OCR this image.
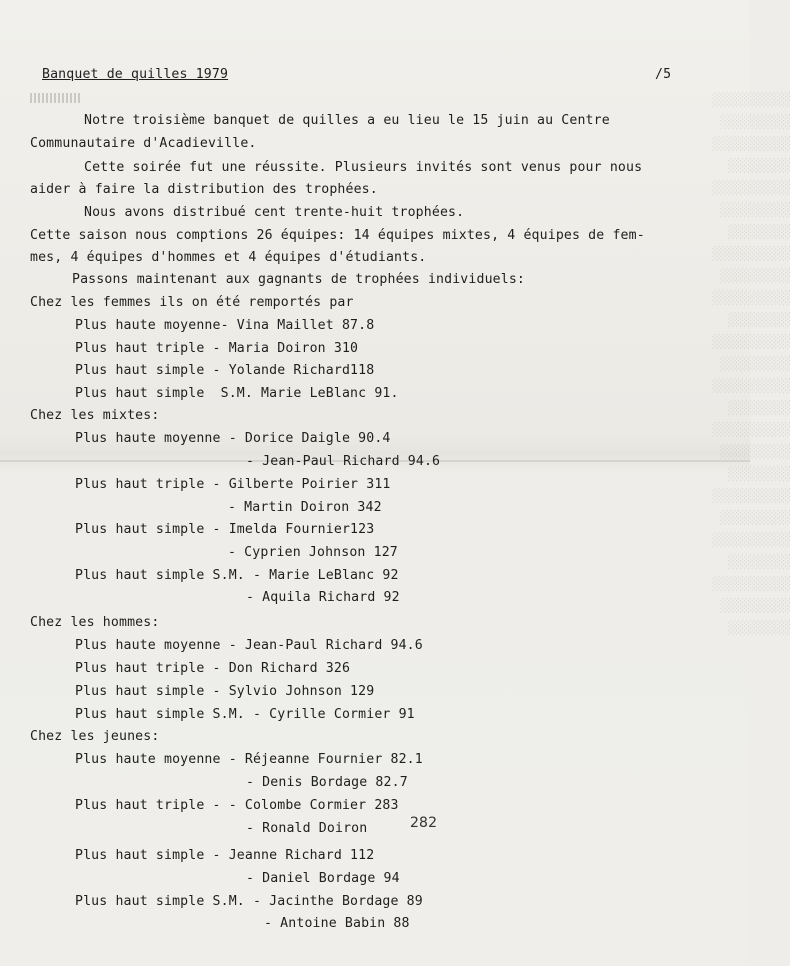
░░░░░░░░░░
░░░░░░░░░
░░░░░░░░░░
░░░░░░░░
░░░░░░░░░░
░░░░░░░░░
░░░░░░░░
░░░░░░░░░░
░░░░░░░░░
░░░░░░░░░░
░░░░░░░░
░░░░░░░░░░
░░░░░░░░░
░░░░░░░░░░
░░░░░░░░
░░░░░░░░░░
░░░░░░░░░
░░░░░░░░
░░░░░░░░░░
░░░░░░░░░
░░░░░░░░░░
░░░░░░░░
░░░░░░░░░░
░░░░░░░░░
░░░░░░░░
Banquet de quilles 1979	/5
Notre troisième banquet de quilles a eu lieu le 15 juin au Centre
Communautaire d'Acadieville.
Cette soirée fut une réussite. Plusieurs invités sont venus pour nous
aider à faire la distribution des trophées.
Nous avons distribué cent trente-huit trophées.
Cette saison nous comptions 26 équipes: 14 équipes mixtes, 4 équipes de fem-
mes, 4 équipes d'hommes et 4 équipes d'étudiants.
Passons maintenant aux gagnants de trophées individuels:
Chez les femmes ils on été remportés par
Plus haute moyenne- Vina Maillet 87.8
Plus haut triple - Maria Doiron 310
Plus haut simple - Yolande Richard118
Plus haut simple  S.M. Marie LeBlanc 91.
Chez les mixtes:
Plus haute moyenne - Dorice Daigle 90.4
- Jean-Paul Richard 94.6
Plus haut triple - Gilberte Poirier 311
- Martin Doiron 342
Plus haut simple - Imelda Fournier123
- Cyprien Johnson 127
Plus haut simple S.M. - Marie LeBlanc 92
- Aquila Richard 92
Chez les hommes:
Plus haute moyenne - Jean-Paul Richard 94.6
Plus haut triple - Don Richard 326
Plus haut simple - Sylvio Johnson 129
Plus haut simple S.M. - Cyrille Cormier 91
Chez les jeunes:
Plus haute moyenne - Réjeanne Fournier 82.1
- Denis Bordage 82.7
Plus haut triple - - Colombe Cormier 283
- Ronald Doiron	282
Plus haut simple - Jeanne Richard 112
- Daniel Bordage 94
Plus haut simple S.M. - Jacinthe Bordage 89
- Antoine Babin 88
